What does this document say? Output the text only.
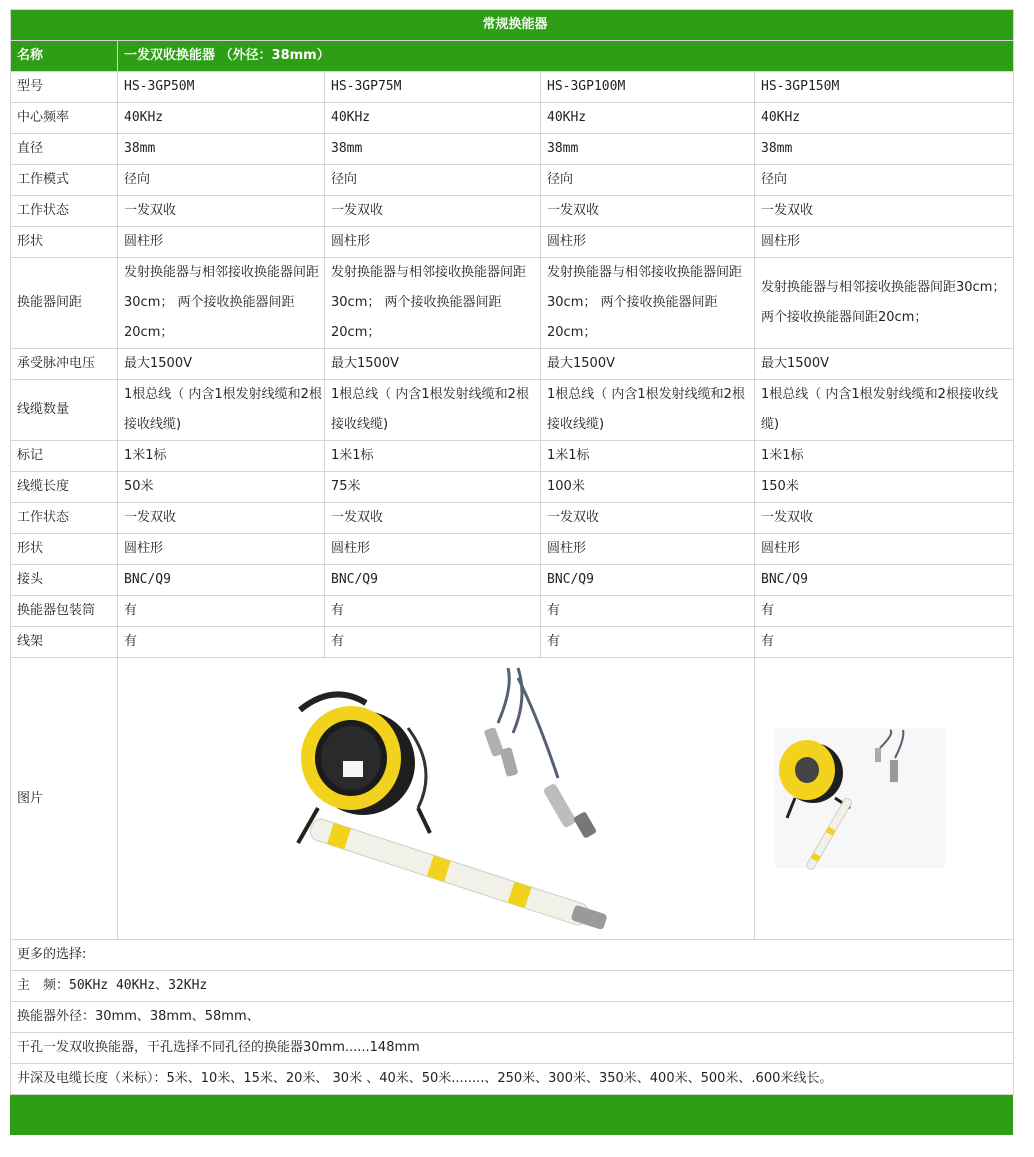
常规换能器				
名称	一发双收换能器 （外径：38mm）			
型号	HS-3GP50M	HS-3GP75M	HS-3GP100M	HS-3GP150M
中心频率	40KHz	40KHz	40KHz	40KHz
直径	38mm	38mm	38mm	38mm
工作模式	径向	径向	径向	径向
工作状态	一发双收	一发双收	一发双收	一发双收
形状	圆柱形	圆柱形	圆柱形	圆柱形
换能器间距	发射换能器与相邻接收换能器间距30cm； 两个接收换能器间距20cm；	发射换能器与相邻接收换能器间距30cm； 两个接收换能器间距20cm；	发射换能器与相邻接收换能器间距30cm； 两个接收换能器间距20cm；	发射换能器与相邻接收换能器间距30cm； 两个接收换能器间距20cm；
承受脉冲电压	最大1500V	最大1500V	最大1500V	最大1500V
线缆数量	1根总线（ 内含1根发射线缆和2根接收线缆)	1根总线（ 内含1根发射线缆和2根接收线缆)	1根总线（ 内含1根发射线缆和2根接收线缆)	1根总线（ 内含1根发射线缆和2根接收线缆)
标记	1米1标	1米1标	1米1标	1米1标
线缆长度	50米	75米	100米	150米
工作状态	一发双收	一发双收	一发双收	一发双收
形状	圆柱形	圆柱形	圆柱形	圆柱形
接头	BNC/Q9	BNC/Q9	BNC/Q9	BNC/Q9
换能器包装筒	有	有	有	有
线架	有	有	有	有
图片	

更多的选择:				
主　频：50KHz 40KHz、32KHz				
换能器外径：30mm、38mm、58mm、				
干孔一发双收换能器，干孔选择不同孔径的换能器30mm......148mm				
井深及电缆长度（米标）：5米、10米、15米、20米、 30米 、40米、50米........、250米、300米、350米、400米、500米、.600米线长。				
